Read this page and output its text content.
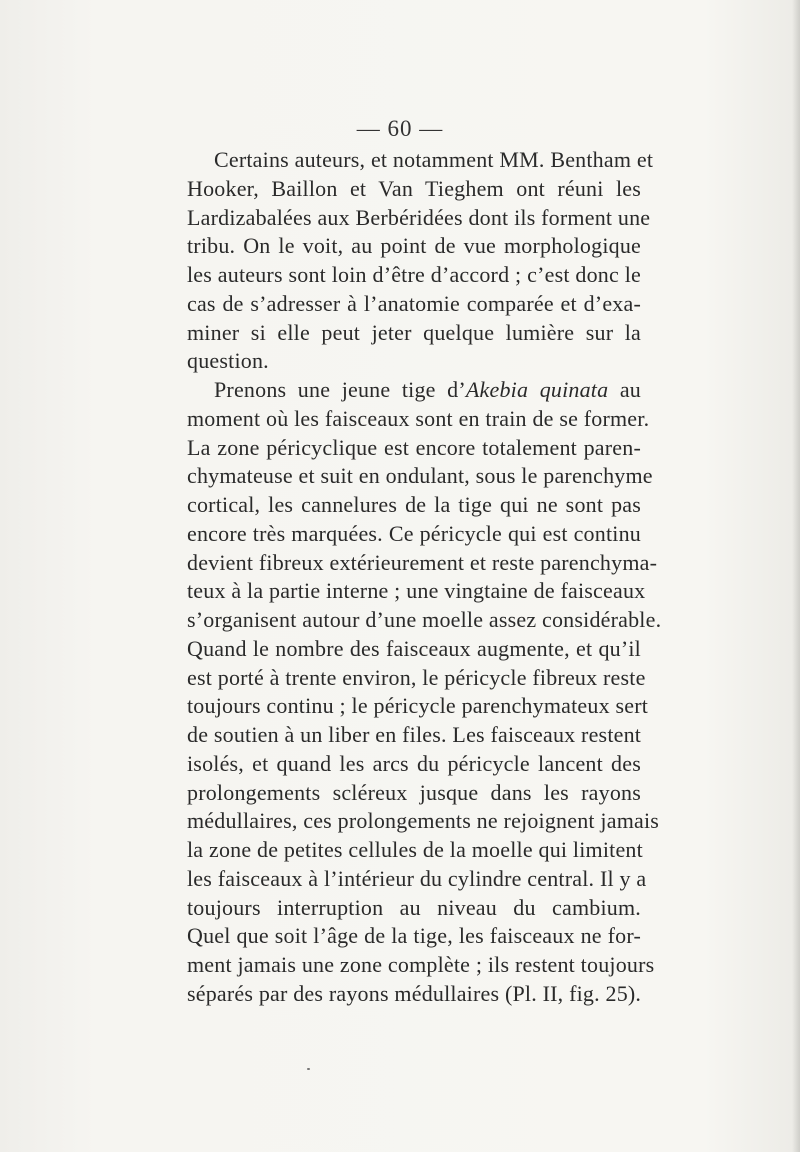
— 60 —
Certains auteurs, et notamment MM. Bentham et
Hooker, Baillon et Van Tieghem ont réuni les
Lardizabalées aux Berbéridées dont ils forment une
tribu. On le voit, au point de vue morphologique
les auteurs sont loin d’être d’accord ; c’est donc le
cas de s’adresser à l’anatomie comparée et d’exa-
miner si elle peut jeter quelque lumière sur la
question.
Prenons une jeune tige d’Akebia quinata au
moment où les faisceaux sont en train de se former.
La zone péricyclique est encore totalement paren-
chymateuse et suit en ondulant, sous le parenchyme
cortical, les cannelures de la tige qui ne sont pas
encore très marquées. Ce péricycle qui est continu
devient fibreux extérieurement et reste parenchyma-
teux à la partie interne ; une vingtaine de faisceaux
s’organisent autour d’une moelle assez considérable.
Quand le nombre des faisceaux augmente, et qu’il
est porté à trente environ, le péricycle fibreux reste
toujours continu ; le péricycle parenchymateux sert
de soutien à un liber en files. Les faisceaux restent
isolés, et quand les arcs du péricycle lancent des
prolongements scléreux jusque dans les rayons
médullaires, ces prolongements ne rejoignent jamais
la zone de petites cellules de la moelle qui limitent
les faisceaux à l’intérieur du cylindre central. Il y a
toujours interruption au niveau du cambium.
Quel que soit l’âge de la tige, les faisceaux ne for-
ment jamais une zone complète ; ils restent toujours
séparés par des rayons médullaires (Pl. II, fig. 25).
